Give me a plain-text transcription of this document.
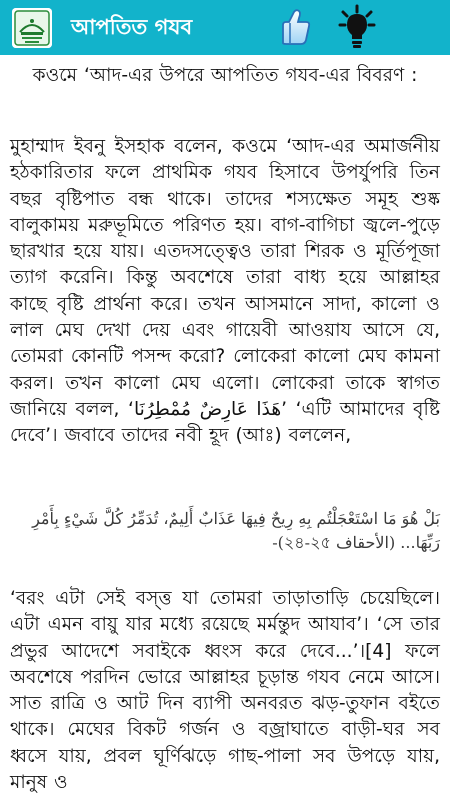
আপতিত গযব
কওমে ‘আদ-এর উপরে আপতিত গযব-এর বিবরণ :
মুহাম্মাদ ইবনু ইসহাক বলেন, কওমে ‘আদ-এর অমার্জনীয় হঠকারিতার ফলে প্রাথমিক গযব হিসাবে উপর্যুপরি তিন বছর বৃষ্টিপাত বন্ধ থাকে। তাদের শস্যক্ষেত সমূহ শুষ্ক বালুকাময় মরুভূমিতে পরিণত হয়। বাগ-বাগিচা জ্বলে-পুড়ে ছারখার হয়ে যায়। এতদসত্ত্বেও তারা শিরক ও মূর্তিপূজা ত্যাগ করেনি। কিন্তু অবশেষে তারা বাধ্য হয়ে আল্লাহর কাছে বৃষ্টি প্রার্থনা করে। তখন আসমানে সাদা, কালো ও লাল মেঘ দেখা দেয় এবং গায়েবী আওয়ায আসে যে, তোমরা কোনটি পসন্দ করো? লোকেরা কালো মেঘ কামনা করল। তখন কালো মেঘ এলো। লোকেরা তাকে স্বাগত জানিয়ে বলল, ‘هَذَا عَارِضٌ مُمْطِرُنَا’ ‘এটি আমাদের বৃষ্টি দেবে’। জবাবে তাদের নবী হূদ (আঃ) বললেন,
بَلْ هُوَ مَا اسْتَعْجَلْتُم بِهِ رِيحٌ فِيهَا عَذَابٌ أَلِيمٌ، تُدَمِّرُ كُلَّ شَيْءٍ بِأَمْرِ رَبِّهَا... (الأحقاف ২৪-২৫)-
‘বরং এটা সেই বস্ত্ত যা তোমরা তাড়াতাড়ি চেয়েছিলে। এটা এমন বায়ু যার মধ্যে রয়েছে মর্মন্তুদ আযাব’। ‘সে তার প্রভুর আদেশে সবাইকে ধ্বংস করে দেবে...’।[4] ফলে অবশেষে পরদিন ভোরে আল্লাহর চূড়ান্ত গযব নেমে আসে। সাত রাত্রি ও আট দিন ব্যাপী অনবরত ঝড়-তুফান বইতে থাকে। মেঘের বিকট গর্জন ও বজ্রাঘাতে বাড়ী-ঘর সব ধ্বসে যায়, প্রবল ঘূর্ণিঝড়ে গাছ-পালা সব উপড়ে যায়, মানুষ ও
